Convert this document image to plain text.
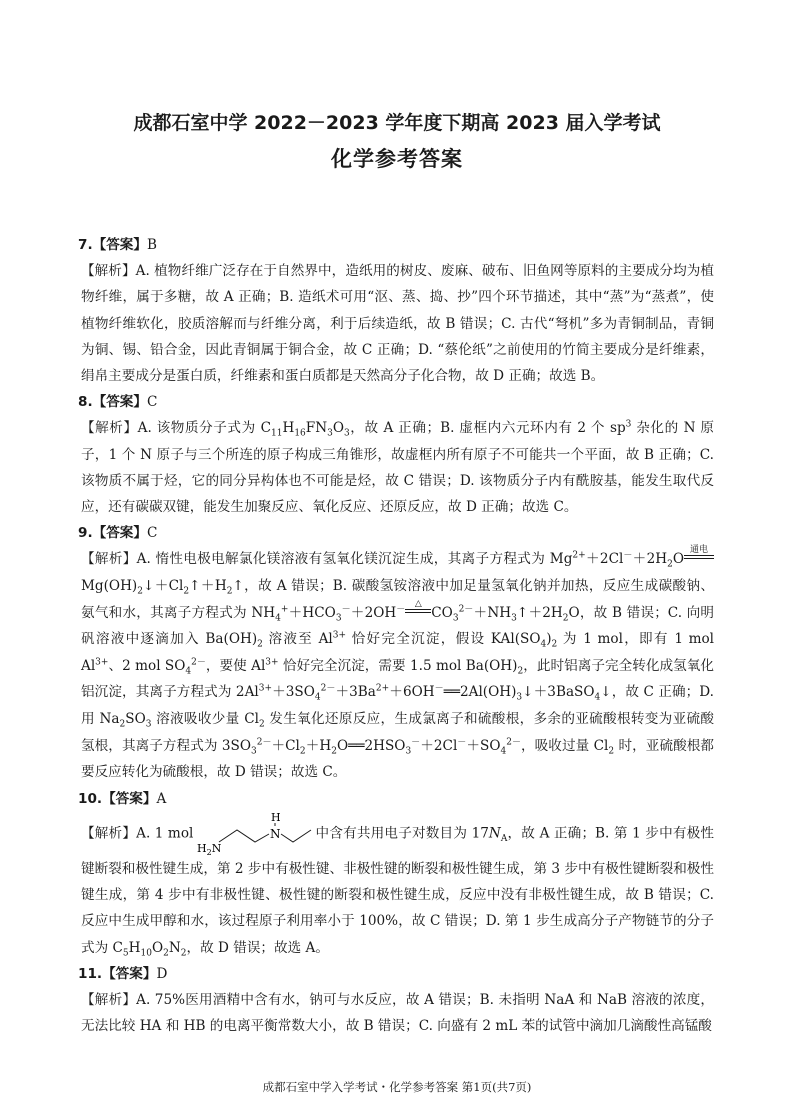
成都石室中学 2022－2023 学年度下期高 2023 届入学考试
化学参考答案
7.【答案】B

【解析】A. 植物纤维广泛存在于自然界中，造纸用的树皮、废麻、破布、旧鱼网等原料的主要成分均为植物纤维，属于多糖，故 A 正确；B. 造纸术可用“沤、蒸、捣、抄”四个环节描述，其中“蒸”为“蒸煮”，使植物纤维软化，胶质溶解而与纤维分离，利于后续造纸，故 B 错误；C. 古代“弩机”多为青铜制品，青铜为铜、锡、铅合金，因此青铜属于铜合金，故 C 正确；D. “蔡伦纸”之前使用的竹简主要成分是纤维素，绢帛主要成分是蛋白质，纤维素和蛋白质都是天然高分子化合物，故 D 正确；故选 B。

8.【答案】C

【解析】A. 该物质分子式为 $C_{11}H_{16}FN_3O_3$，故 A 正确；B. 虚框内六元环内有 2 个 $sp^3$ 杂化的 N 原子，1 个 N 原子与三个所连的原子构成三角锥形，故虚框内所有原子不可能共一个平面，故 B 正确；C. 该物质不属于烃，它的同分异构体也不可能是烃，故 C 错误；D. 该物质分子内有酰胺基，能发生取代反应，还有碳碳双键，能发生加聚反应、氧化反应、还原反应，故 D 正确；故选 C。

9.【答案】C

【解析】A. 惰性电极电解氯化镁溶液有氢氧化镁沉淀生成，其离子方程式为 $Mg^{2+}+2Cl^-+2H_2O$
通电
$Mg(OH)_2↓+Cl_2↑+H_2↑$，故 A 错误；B. 碳酸氢铵溶液中加足量氢氧化钠并加热，反应生成碳酸钠、氨气和水，其离子方程式为 $NH_4^++HCO_3^-+2OH^-$
△
$CO_3^{2-}+NH_3↑+2H_2O$，故 B 错误；C. 向明矾溶液中逐滴加入 $Ba(OH)_2$ 溶液至 $Al^{3+}$ 恰好完全沉淀，假设 $KAl(SO_4)_2$ 为 1 mol，即有 1 mol $Al^{3+}$、2 mol $SO_4^{2-}$，要使 $Al^{3+}$ 恰好完全沉淀，需要 1.5 mol $Ba(OH)_2$，此时铝离子完全转化成氢氧化铝沉淀，其离子方程式为 $2Al^{3+}+3SO_4^{2-}+3Ba^{2+}+6OH^-══2Al(OH)_3↓+3BaSO_4↓$，故 C 正确；D. 用 $Na_2SO_3$ 溶液吸收少量 $Cl_2$ 发生氧化还原反应，生成氯离子和硫酸根，多余的亚硫酸根转变为亚硫酸氢根，其离子方程式为 $3SO_3^{2-}+Cl_2+H_2O══2HSO_3^-+2Cl^-+SO_4^{2-}$，吸收过量 $Cl_2$ 时，亚硫酸根都要反应转化为硫酸根，故 D 错误；故选 C。

10.【答案】A

【解析】A. 1 mol
H
N
$H_2N$
中含有共用电子对数目为 $17N_A$，故 A 正确；B. 第 1 步中有极性键断裂和极性键生成，第 2 步中有极性键、非极性键的断裂和极性键生成，第 3 步中有极性键断裂和极性键生成，第 4 步中有非极性键、极性键的断裂和极性键生成，反应中没有非极性键生成，故 B 错误；C. 反应中生成甲醇和水，该过程原子利用率小于 100%，故 C 错误；D. 第 1 步生成高分子产物链节的分子式为 $C_5H_{10}O_2N_2$，故 D 错误；故选 A。

11.【答案】D

【解析】A. 75%医用酒精中含有水，钠可与水反应，故 A 错误；B. 未指明 NaA 和 NaB 溶液的浓度，无法比较 HA 和 HB 的电离平衡常数大小，故 B 错误；C. 向盛有 2 mL 苯的试管中滴加几滴酸性高锰酸

成都石室中学入学考试・化学参考答案 第1页(共7页)
